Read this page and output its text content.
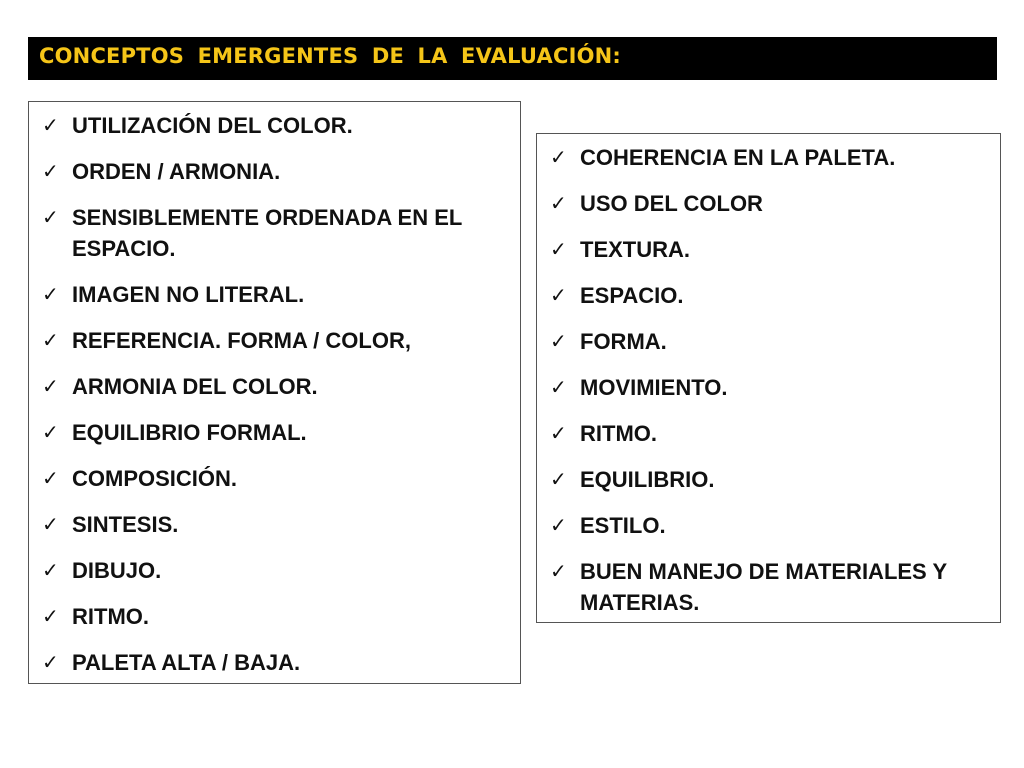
CONCEPTOS EMERGENTES DE LA EVALUACIÓN:
✓ UTILIZACIÓN DEL COLOR.
✓ ORDEN / ARMONIA.
✓ SENSIBLEMENTE ORDENADA EN EL ESPACIO.
✓ IMAGEN NO LITERAL.
✓ REFERENCIA. FORMA / COLOR,
✓ ARMONIA DEL COLOR.
✓ EQUILIBRIO FORMAL.
✓ COMPOSICIÓN.
✓ SINTESIS.
✓ DIBUJO.
✓ RITMO.
✓ PALETA ALTA / BAJA.
✓ COHERENCIA EN LA PALETA.
✓ USO DEL COLOR
✓ TEXTURA.
✓ ESPACIO.
✓ FORMA.
✓ MOVIMIENTO.
✓ RITMO.
✓ EQUILIBRIO.
✓ ESTILO.
✓ BUEN MANEJO DE MATERIALES Y MATERIAS.
